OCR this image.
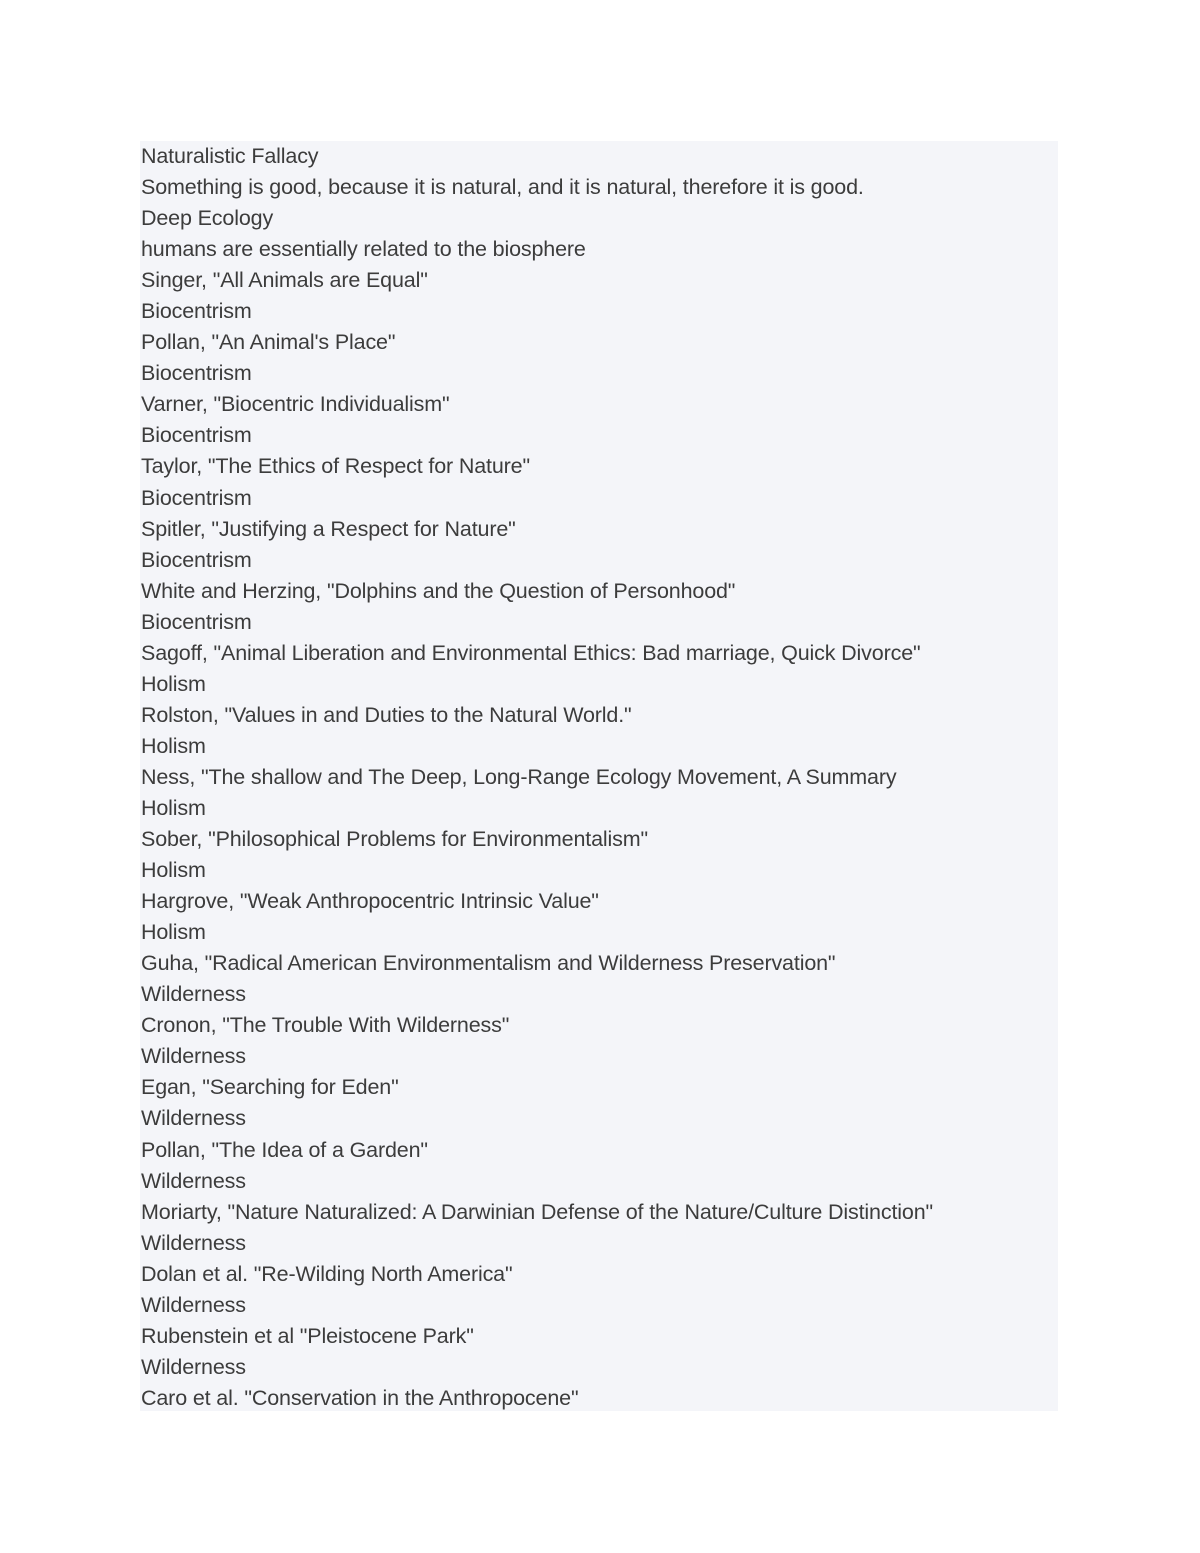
Naturalistic Fallacy
Something is good, because it is natural, and it is natural, therefore it is good.
Deep Ecology
humans are essentially related to the biosphere
Singer, "All Animals are Equal"
Biocentrism
Pollan, "An Animal's Place"
Biocentrism
Varner, "Biocentric Individualism"
Biocentrism
Taylor, "The Ethics of Respect for Nature"
Biocentrism
Spitler, "Justifying a Respect for Nature"
Biocentrism
White and Herzing, "Dolphins and the Question of Personhood"
Biocentrism
Sagoff, "Animal Liberation and Environmental Ethics: Bad marriage, Quick Divorce"
Holism
Rolston, "Values in and Duties to the Natural World."
Holism
Ness, "The shallow and The Deep, Long-Range Ecology Movement, A Summary
Holism
Sober, "Philosophical Problems for Environmentalism"
Holism
Hargrove, "Weak Anthropocentric Intrinsic Value"
Holism
Guha, "Radical American Environmentalism and Wilderness Preservation"
Wilderness
Cronon, "The Trouble With Wilderness"
Wilderness
Egan, "Searching for Eden"
Wilderness
Pollan, "The Idea of a Garden"
Wilderness
Moriarty, "Nature Naturalized: A Darwinian Defense of the Nature/Culture Distinction"
Wilderness
Dolan et al. "Re-Wilding North America"
Wilderness
Rubenstein et al "Pleistocene Park"
Wilderness
Caro et al. "Conservation in the Anthropocene"
